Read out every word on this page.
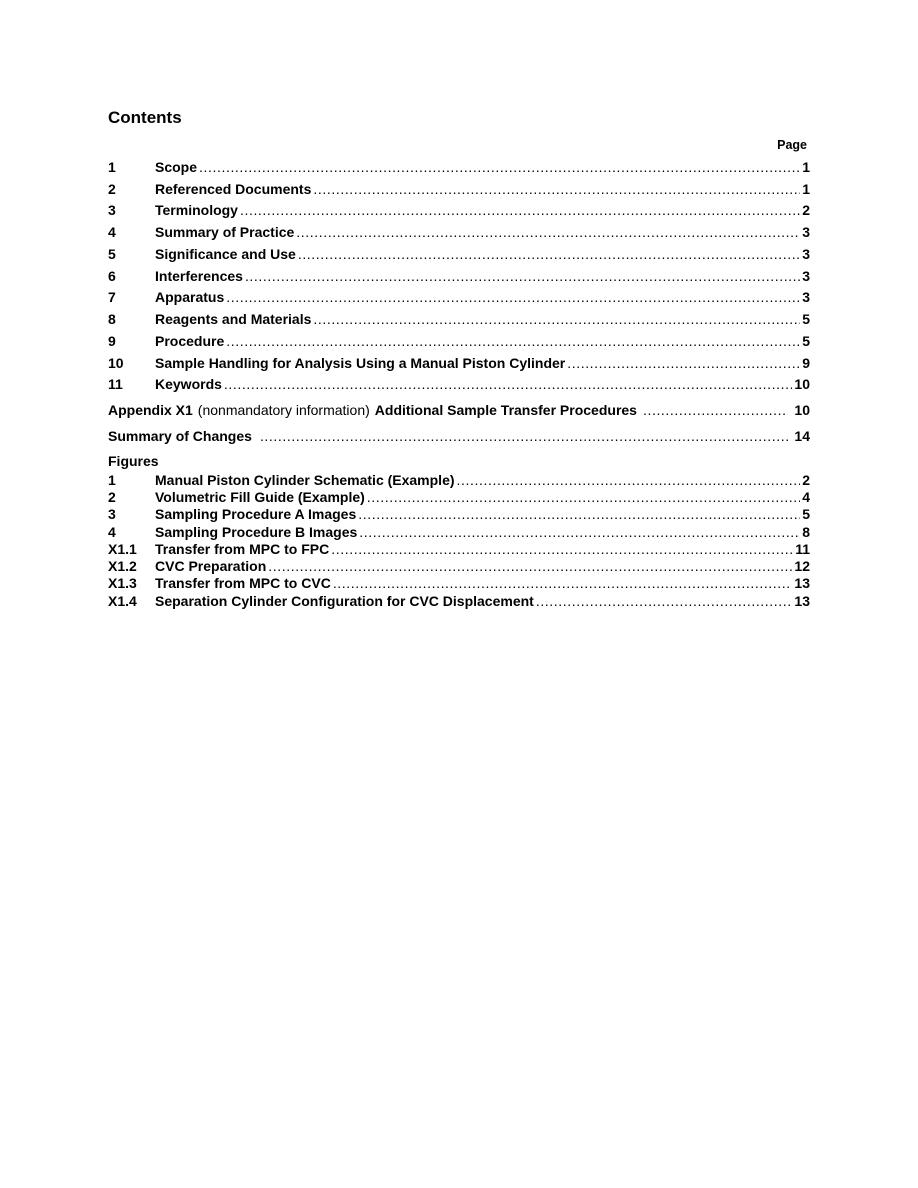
Contents
Page
1	Scope .....	1
2	Referenced Documents .....	1
3	Terminology .....	2
4	Summary of Practice .....	3
5	Significance and Use .....	3
6	Interferences .....	3
7	Apparatus .....	3
8	Reagents and Materials .....	5
9	Procedure .....	5
10	Sample Handling for Analysis Using a Manual Piston Cylinder .....	9
11	Keywords .....	10
Appendix X1 (nonmandatory information) Additional Sample Transfer Procedures .....	10
Summary of Changes .....	14
Figures
1	Manual Piston Cylinder Schematic (Example) .....	2
2	Volumetric Fill Guide (Example) .....	4
3	Sampling Procedure A Images .....	5
4	Sampling Procedure B Images .....	8
X1.1	Transfer from MPC to FPC .....	11
X1.2	CVC Preparation .....	12
X1.3	Transfer from MPC to CVC .....	13
X1.4	Separation Cylinder Configuration for CVC Displacement .....	13
